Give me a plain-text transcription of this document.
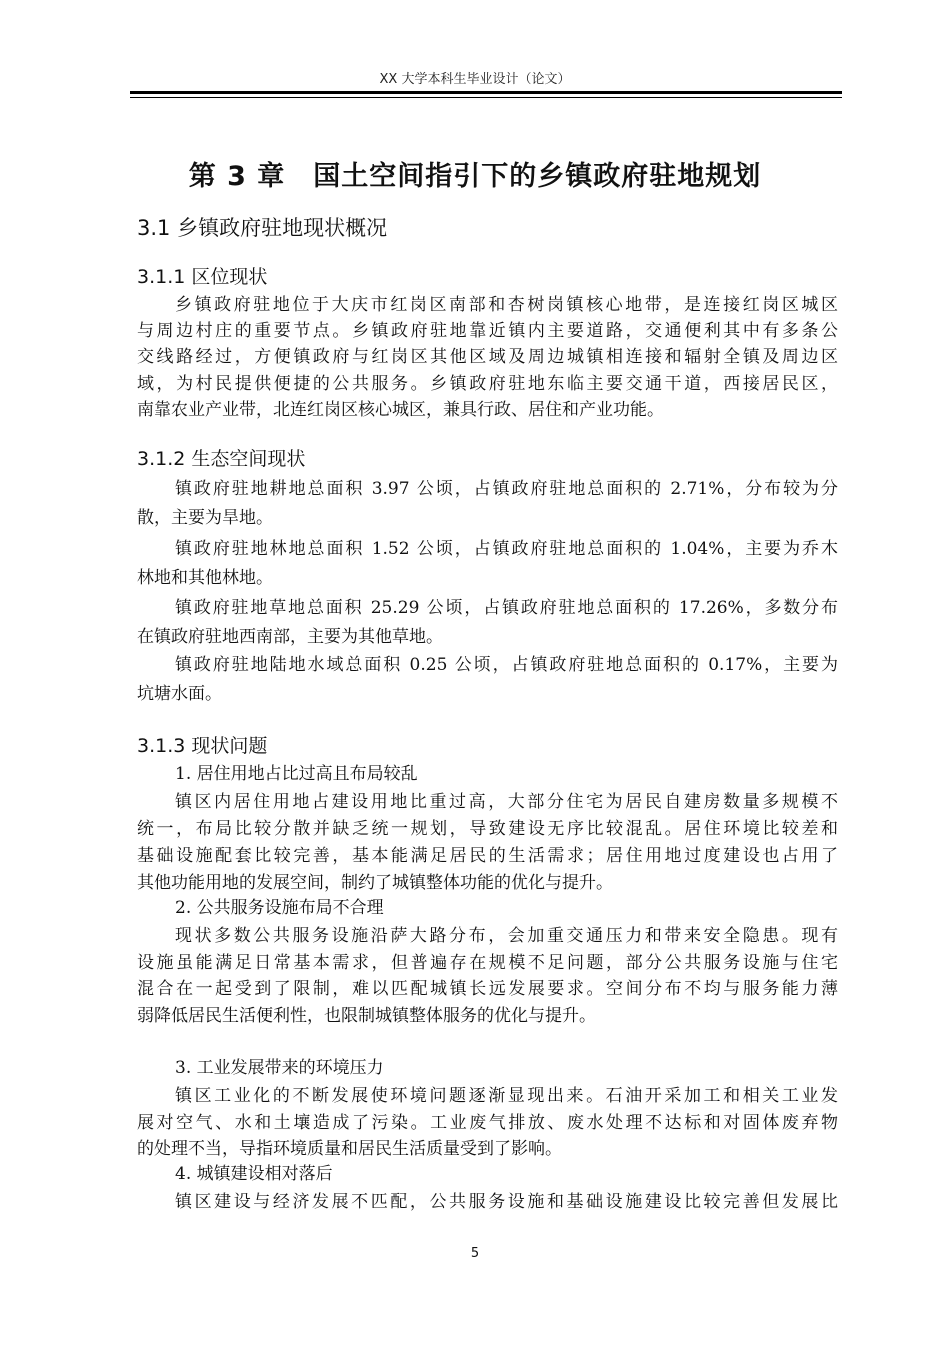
XX 大学本科生毕业设计（论文）
第 3 章　国土空间指引下的乡镇政府驻地规划
3.1 乡镇政府驻地现状概况
3.1.1 区位现状
乡镇政府驻地位于大庆市红岗区南部和杏树岗镇核心地带，是连接红岗区城区
与周边村庄的重要节点。乡镇政府驻地靠近镇内主要道路，交通便利其中有多条公
交线路经过，方便镇政府与红岗区其他区域及周边城镇相连接和辐射全镇及周边区
域，为村民提供便捷的公共服务。乡镇政府驻地东临主要交通干道，西接居民区，
南靠农业产业带，北连红岗区核心城区，兼具行政、居住和产业功能。
3.1.2 生态空间现状
镇政府驻地耕地总面积 3.97 公顷，占镇政府驻地总面积的 2.71%，分布较为分
散，主要为旱地。
镇政府驻地林地总面积 1.52 公顷，占镇政府驻地总面积的 1.04%，主要为乔木
林地和其他林地。
镇政府驻地草地总面积 25.29 公顷，占镇政府驻地总面积的 17.26%，多数分布
在镇政府驻地西南部，主要为其他草地。
镇政府驻地陆地水域总面积 0.25 公顷，占镇政府驻地总面积的 0.17%，主要为
坑塘水面。
3.1.3 现状问题
1. 居住用地占比过高且布局较乱
镇区内居住用地占建设用地比重过高，大部分住宅为居民自建房数量多规模不
统一，布局比较分散并缺乏统一规划，导致建设无序比较混乱。居住环境比较差和
基础设施配套比较完善，基本能满足居民的生活需求；居住用地过度建设也占用了
其他功能用地的发展空间，制约了城镇整体功能的优化与提升。
2. 公共服务设施布局不合理
现状多数公共服务设施沿萨大路分布，会加重交通压力和带来安全隐患。现有
设施虽能满足日常基本需求，但普遍存在规模不足问题，部分公共服务设施与住宅
混合在一起受到了限制，难以匹配城镇长远发展要求。空间分布不均与服务能力薄
弱降低居民生活便利性，也限制城镇整体服务的优化与提升。
3. 工业发展带来的环境压力
镇区工业化的不断发展使环境问题逐渐显现出来。石油开采加工和相关工业发
展对空气、水和土壤造成了污染。工业废气排放、废水处理不达标和对固体废弃物
的处理不当，导指环境质量和居民生活质量受到了影响。
4. 城镇建设相对落后
镇区建设与经济发展不匹配，公共服务设施和基础设施建设比较完善但发展比
5
